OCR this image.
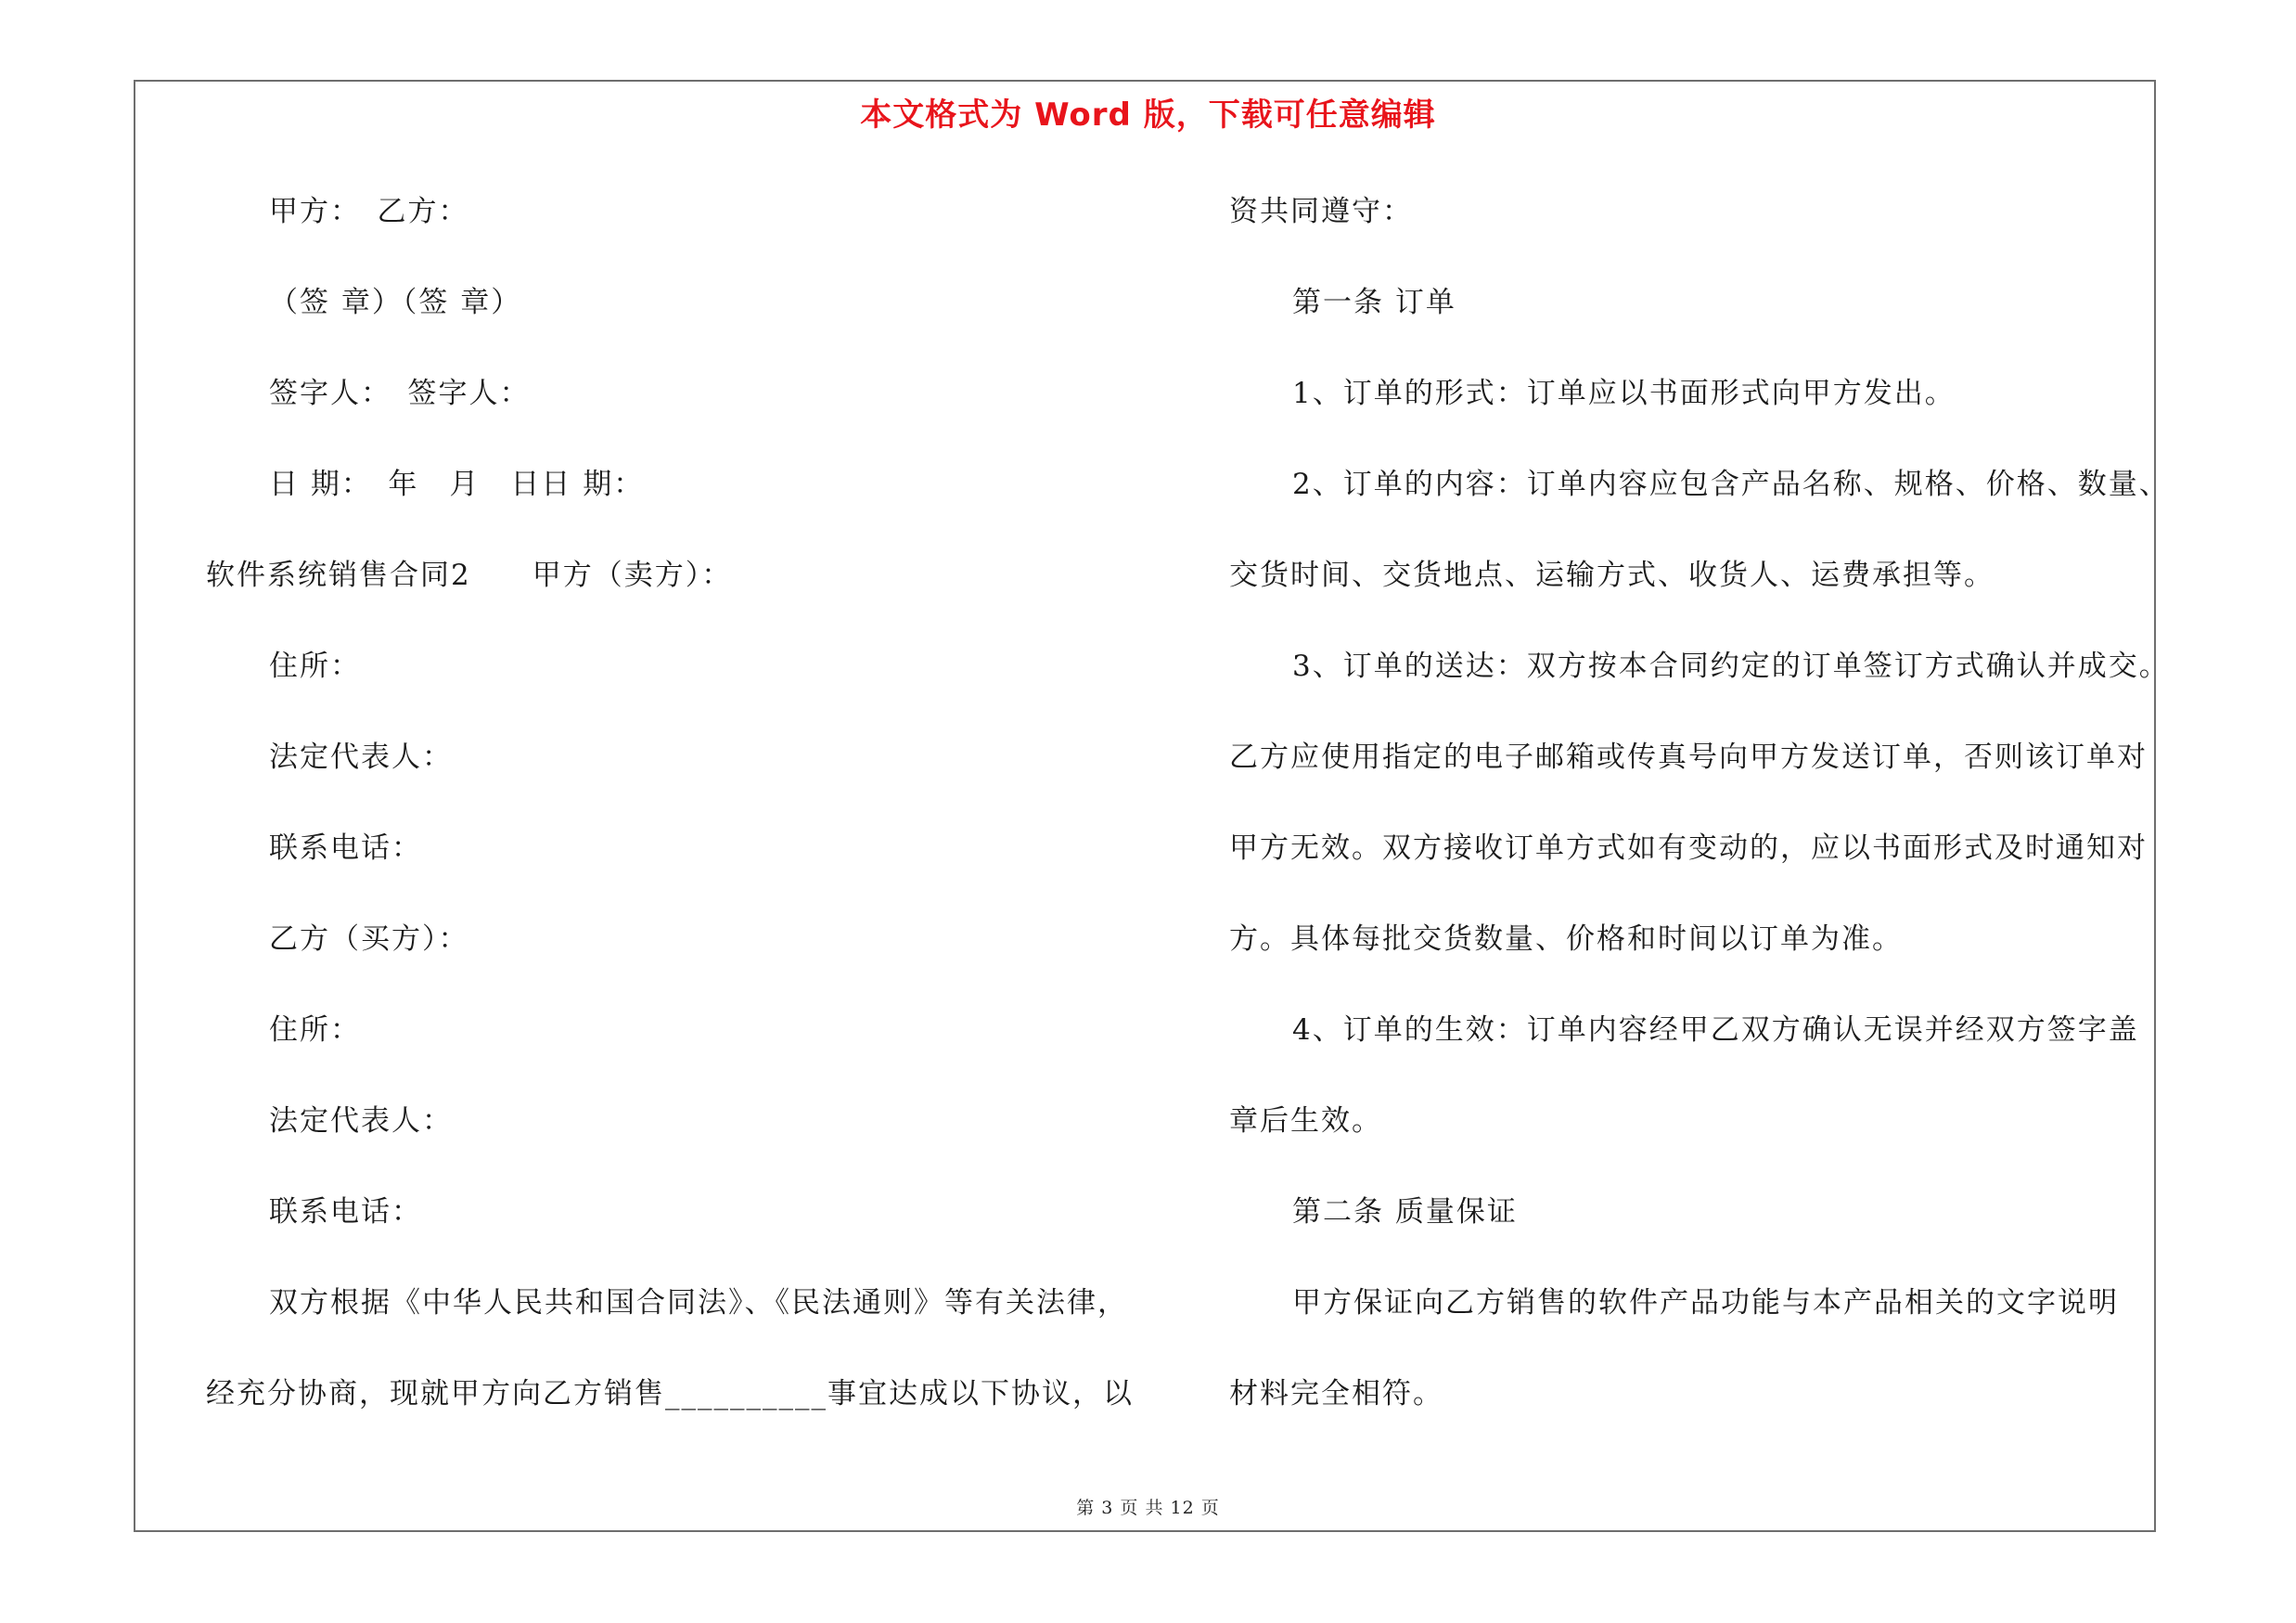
本文格式为 Word 版，下载可任意编辑
甲方：　乙方：
（签 章）（签 章）
签字人：　签字人：
日 期：　年　月　日日 期：
软件系统销售合同2　　甲方（卖方）：
住所：
法定代表人：
联系电话：
乙方（买方）：
住所：
法定代表人：
联系电话：
双方根据《中华人民共和国合同法》、《民法通则》等有关法律，
经充分协商，现就甲方向乙方销售__________事宜达成以下协议，以
资共同遵守：
第一条 订单
1、订单的形式：订单应以书面形式向甲方发出。
2、订单的内容：订单内容应包含产品名称、规格、价格、数量、
交货时间、交货地点、运输方式、收货人、运费承担等。
3、订单的送达：双方按本合同约定的订单签订方式确认并成交。
乙方应使用指定的电子邮箱或传真号向甲方发送订单，否则该订单对
甲方无效。双方接收订单方式如有变动的，应以书面形式及时通知对
方。具体每批交货数量、价格和时间以订单为准。
4、订单的生效：订单内容经甲乙双方确认无误并经双方签字盖
章后生效。
第二条 质量保证
甲方保证向乙方销售的软件产品功能与本产品相关的文字说明
材料完全相符。
第 3 页 共 12 页
